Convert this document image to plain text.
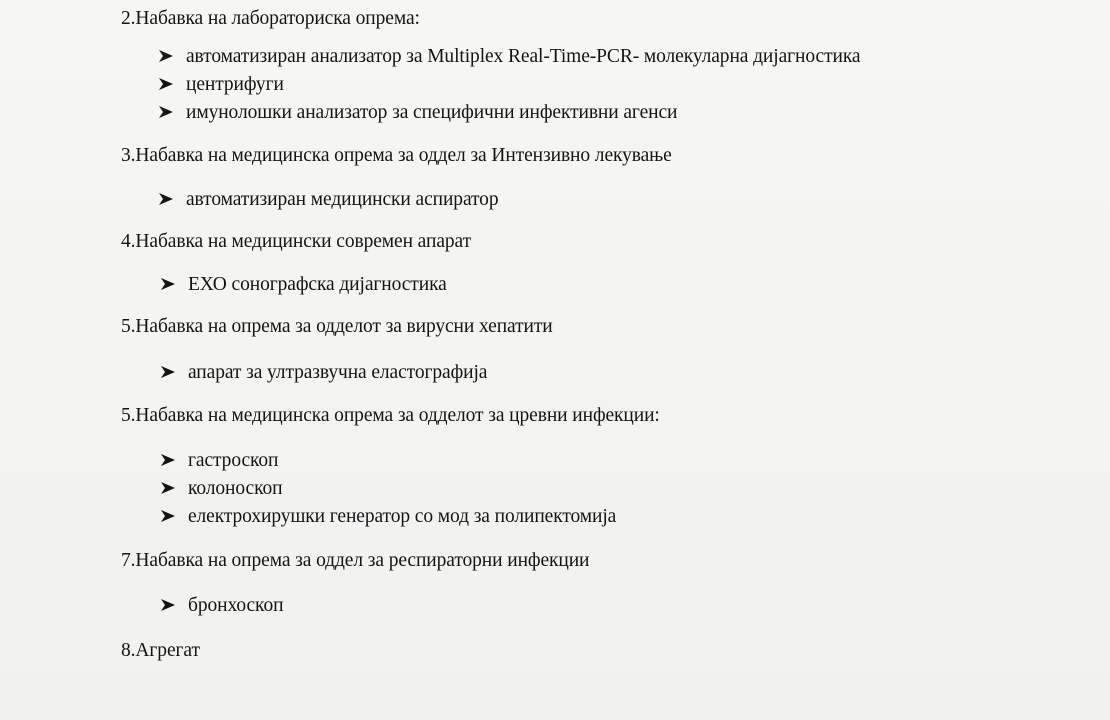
2.Набавка на лабораториска опрема:
автоматизиран анализатор за Multiplex Real-Time-PCR- молекуларна дијагностика
центрифуги
имунолошки анализатор за специфични инфективни агенси
3.Набавка на медицинска опрема за оддел за Интензивно лекување
автоматизиран медицински аспиратор
4.Набавка на медицински современ апарат
ЕХО сонографска дијагностика
5.Набавка на опрема за одделот за вирусни хепатити
апарат за ултразвучна еластографија
5.Набавка на медицинска опрема за одделот за цревни инфекции:
гастроскоп
колоноскоп
електрохирушки генератор со мод за полипектомија
7.Набавка на опрема за оддел за респираторни инфекции
бронхоскоп
8.Агрегат
